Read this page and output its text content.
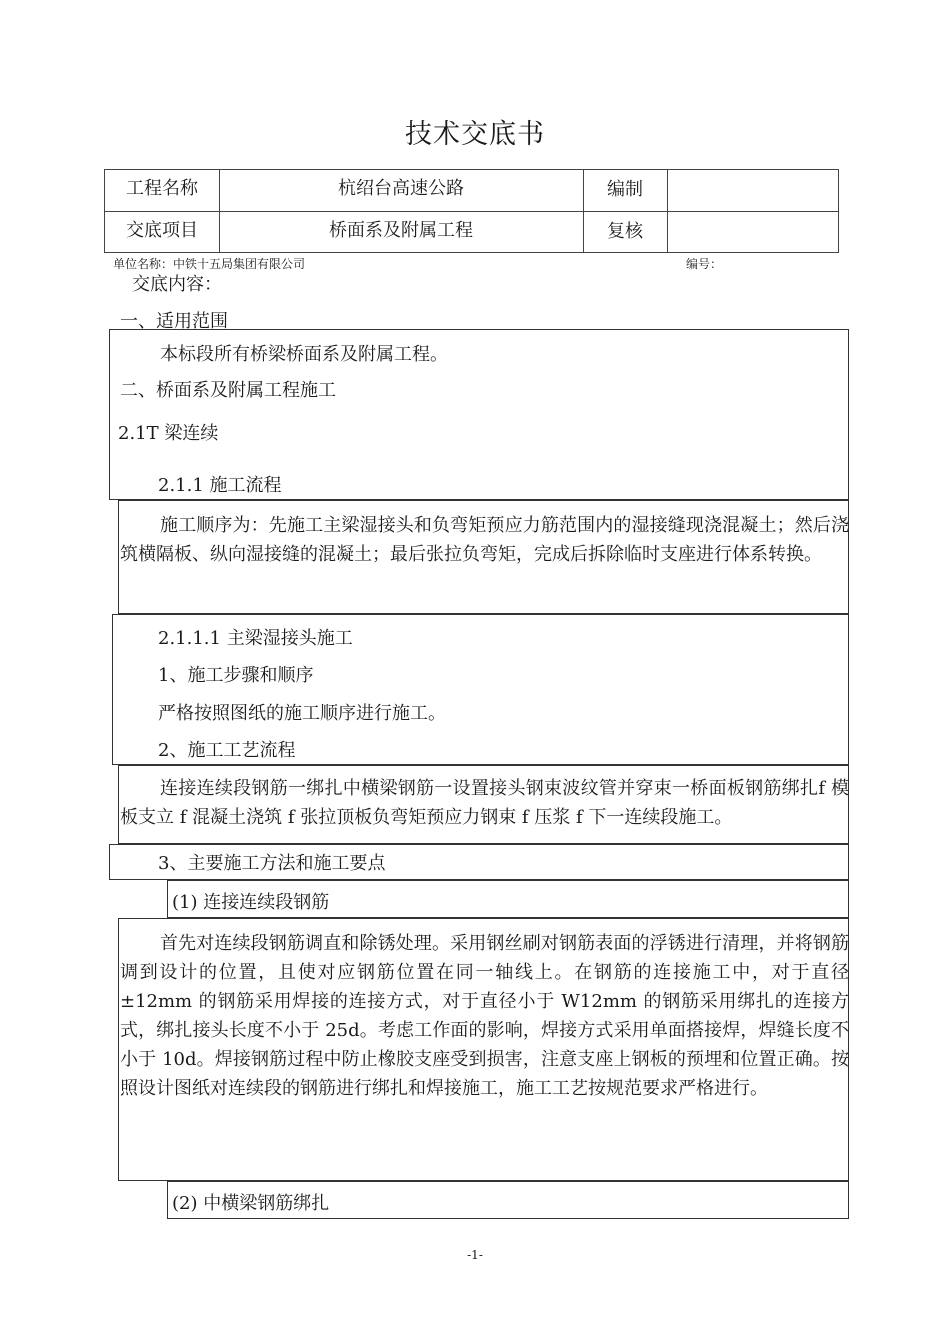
技术交底书
工程名称	杭绍台高速公路	编制
交底项目	桥面系及附属工程	复核
单位名称：中铁十五局集团有限公司	编号：
交底内容：
一、适用范围
本标段所有桥梁桥面系及附属工程。
二、桥面系及附属工程施工
2.1T 梁连续
2.1.1 施工流程
施工顺序为：先施工主梁湿接头和负弯矩预应力筋范围内的湿接缝现浇混凝土；然后浇筑横隔板、纵向湿接缝的混凝土；最后张拉负弯矩，完成后拆除临时支座进行体系转换。
2.1.1.1 主梁湿接头施工
1、施工步骤和顺序
严格按照图纸的施工顺序进行施工。
2、施工工艺流程
连接连续段钢筋一绑扎中横梁钢筋一设置接头钢束波纹管并穿束一桥面板钢筋绑扎f 模板支立 f 混凝土浇筑 f 张拉顶板负弯矩预应力钢束 f 压浆 f 下一连续段施工。
3、主要施工方法和施工要点
(1) 连接连续段钢筋
首先对连续段钢筋调直和除锈处理。采用钢丝刷对钢筋表面的浮锈进行清理，并将钢筋调到设计的位置，且使对应钢筋位置在同一轴线上。在钢筋的连接施工中，对于直径±12mm 的钢筋采用焊接的连接方式，对于直径小于 W12mm 的钢筋采用绑扎的连接方式，绑扎接头长度不小于 25d。考虑工作面的影响，焊接方式采用单面搭接焊，焊缝长度不小于 10d。焊接钢筋过程中防止橡胶支座受到损害，注意支座上钢板的预埋和位置正确。按照设计图纸对连续段的钢筋进行绑扎和焊接施工，施工工艺按规范要求严格进行。
(2) 中横梁钢筋绑扎
-1-
